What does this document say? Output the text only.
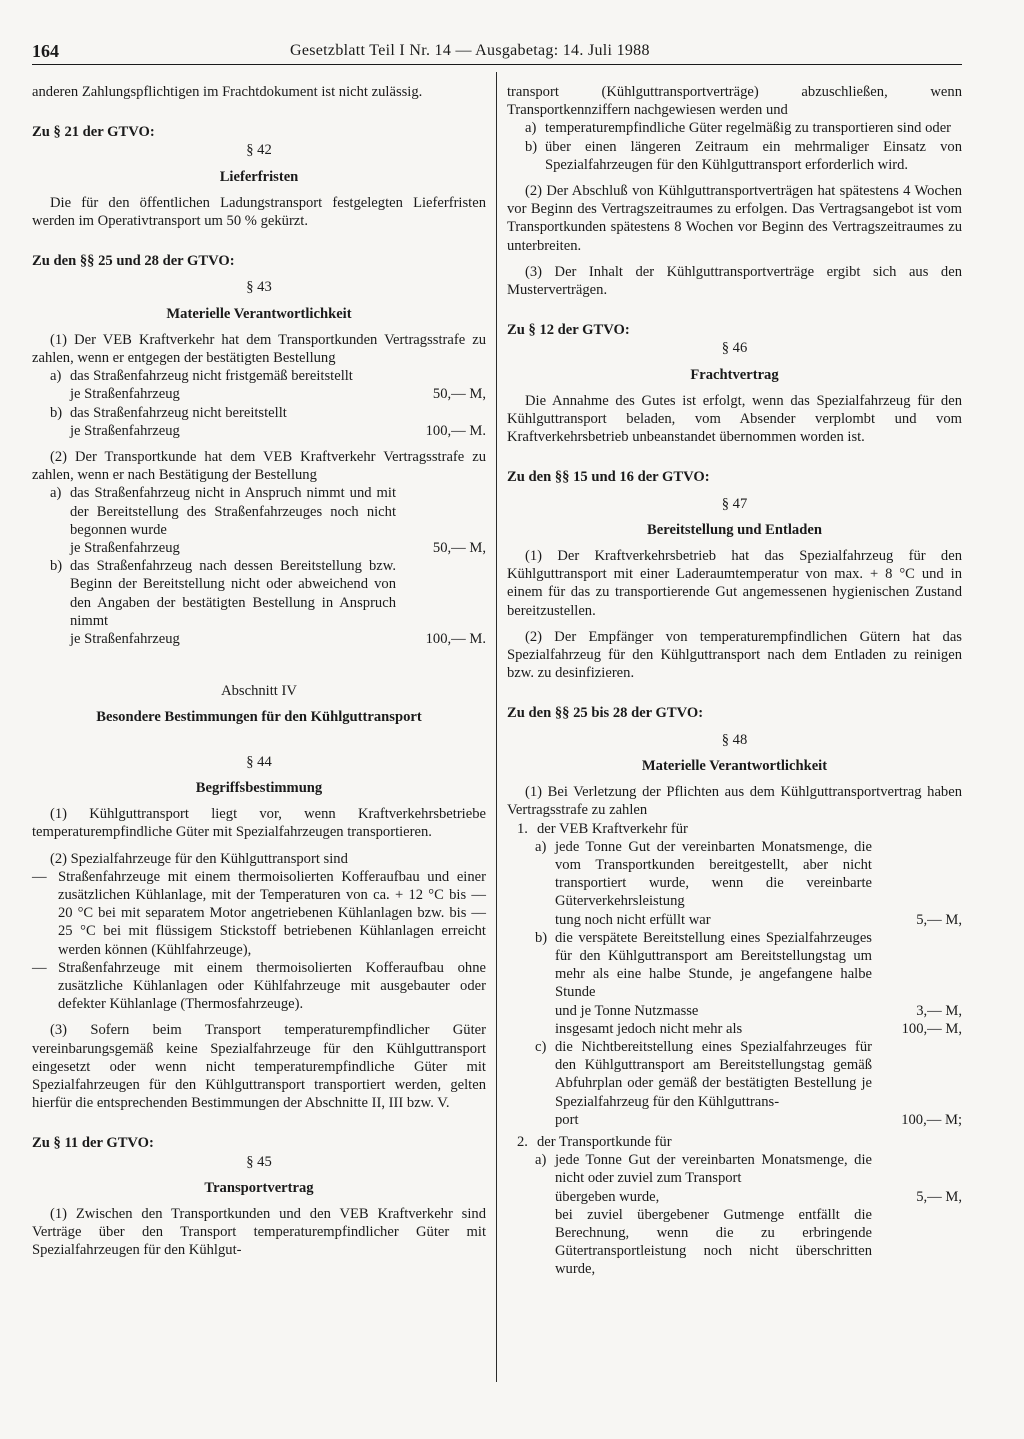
164	Gesetzblatt Teil I Nr. 14 — Ausgabetag: 14. Juli 1988

anderen Zahlungspflichtigen im Frachtdokument ist nicht zulässig.

Zu § 21 der GTVO:

§ 42

Lieferfristen

Die für den öffentlichen Ladungstransport festgelegten Lieferfristen werden im Operativtransport um 50 % gekürzt.

Zu den §§ 25 und 28 der GTVO:

§ 43

Materielle Verantwortlichkeit

(1) Der VEB Kraftverkehr hat dem Transportkunden Vertragsstrafe zu zahlen, wenn er entgegen der bestätigten Bestellung

a) das Straßenfahrzeug nicht fristgemäß bereitstellt
je Straßenfahrzeug	50,— M,
b) das Straßenfahrzeug nicht bereitstellt
je Straßenfahrzeug	100,— M.

(2) Der Transportkunde hat dem VEB Kraftverkehr Vertragsstrafe zu zahlen, wenn er nach Bestätigung der Bestellung

a) das Straßenfahrzeug nicht in Anspruch nimmt und mit der Bereitstellung des Straßenfahrzeuges noch nicht begonnen wurde
je Straßenfahrzeug	50,— M,
b) das Straßenfahrzeug nach dessen Bereitstellung bzw. Beginn der Bereitstellung nicht oder abweichend von den Angaben der bestätigten Bestellung in Anspruch nimmt
je Straßenfahrzeug	100,— M.

Abschnitt IV

Besondere Bestimmungen für den Kühlguttransport

§ 44

Begriffsbestimmung

(1) Kühlguttransport liegt vor, wenn Kraftverkehrsbetriebe temperaturempfindliche Güter mit Spezialfahrzeugen transportieren.

(2) Spezialfahrzeuge für den Kühlguttransport sind

— Straßenfahrzeuge mit einem thermoisolierten Kofferaufbau und einer zusätzlichen Kühlanlage, mit der Temperaturen von ca. + 12 °C bis — 20 °C bei mit separatem Motor angetriebenen Kühlanlagen bzw. bis — 25 °C bei mit flüssigem Stickstoff betriebenen Kühlanlagen erreicht werden können (Kühlfahrzeuge),
— Straßenfahrzeuge mit einem thermoisolierten Kofferaufbau ohne zusätzliche Kühlanlagen oder Kühlfahrzeuge mit ausgebauter oder defekter Kühlanlage (Thermosfahrzeuge).

(3) Sofern beim Transport temperaturempfindlicher Güter vereinbarungsgemäß keine Spezialfahrzeuge für den Kühlguttransport eingesetzt oder wenn nicht temperaturempfindliche Güter mit Spezialfahrzeugen für den Kühlguttransport transportiert werden, gelten hierfür die entsprechenden Bestimmungen der Abschnitte II, III bzw. V.

Zu § 11 der GTVO:

§ 45

Transportvertrag

(1) Zwischen den Transportkunden und den VEB Kraftverkehr sind Verträge über den Transport temperaturempfindlicher Güter mit Spezialfahrzeugen für den Kühlgut-

transport (Kühlguttransportverträge) abzuschließen, wenn Transportkennziffern nachgewiesen werden und

a) temperaturempfindliche Güter regelmäßig zu transportieren sind oder
b) über einen längeren Zeitraum ein mehrmaliger Einsatz von Spezialfahrzeugen für den Kühlguttransport erforderlich wird.

(2) Der Abschluß von Kühlguttransportverträgen hat spätestens 4 Wochen vor Beginn des Vertragszeitraumes zu erfolgen. Das Vertragsangebot ist vom Transportkunden spätestens 8 Wochen vor Beginn des Vertragszeitraumes zu unterbreiten.

(3) Der Inhalt der Kühlguttransportverträge ergibt sich aus den Musterverträgen.

Zu § 12 der GTVO:

§ 46

Frachtvertrag

Die Annahme des Gutes ist erfolgt, wenn das Spezialfahrzeug für den Kühlguttransport beladen, vom Absender verplombt und vom Kraftverkehrsbetrieb unbeanstandet übernommen worden ist.

Zu den §§ 15 und 16 der GTVO:

§ 47

Bereitstellung und Entladen

(1) Der Kraftverkehrsbetrieb hat das Spezialfahrzeug für den Kühlguttransport mit einer Laderaumtemperatur von max. + 8 °C und in einem für das zu transportierende Gut angemessenen hygienischen Zustand bereitzustellen.

(2) Der Empfänger von temperaturempfindlichen Gütern hat das Spezialfahrzeug für den Kühlguttransport nach dem Entladen zu reinigen bzw. zu desinfizieren.

Zu den §§ 25 bis 28 der GTVO:

§ 48

Materielle Verantwortlichkeit

(1) Bei Verletzung der Pflichten aus dem Kühlguttransportvertrag haben Vertragsstrafe zu zahlen

1. der VEB Kraftverkehr für
a) jede Tonne Gut der vereinbarten Monatsmenge, die vom Transportkunden bereitgestellt, aber nicht transportiert wurde, wenn die vereinbarte Güterverkehrsleistung
tung noch nicht erfüllt war	5,— M,
b) die verspätete Bereitstellung eines Spezialfahrzeuges für den Kühlguttransport am Bereitstellungstag um mehr als eine halbe Stunde, je angefangene halbe Stunde
und je Tonne Nutzmasse	3,— M,
insgesamt jedoch nicht mehr als	100,— M,
c) die Nichtbereitstellung eines Spezialfahrzeuges für den Kühlguttransport am Bereitstellungstag gemäß Abfuhrplan oder gemäß der bestätigten Bestellung je Spezialfahrzeug für den Kühlguttrans-
port	100,— M;
2. der Transportkunde für
a) jede Tonne Gut der vereinbarten Monatsmenge, die nicht oder zuviel zum Transport
übergeben wurde,	5,— M,
bei zuviel übergebener Gutmenge entfällt die Berechnung, wenn die zu erbringende Gütertransportleistung noch nicht überschritten wurde,
